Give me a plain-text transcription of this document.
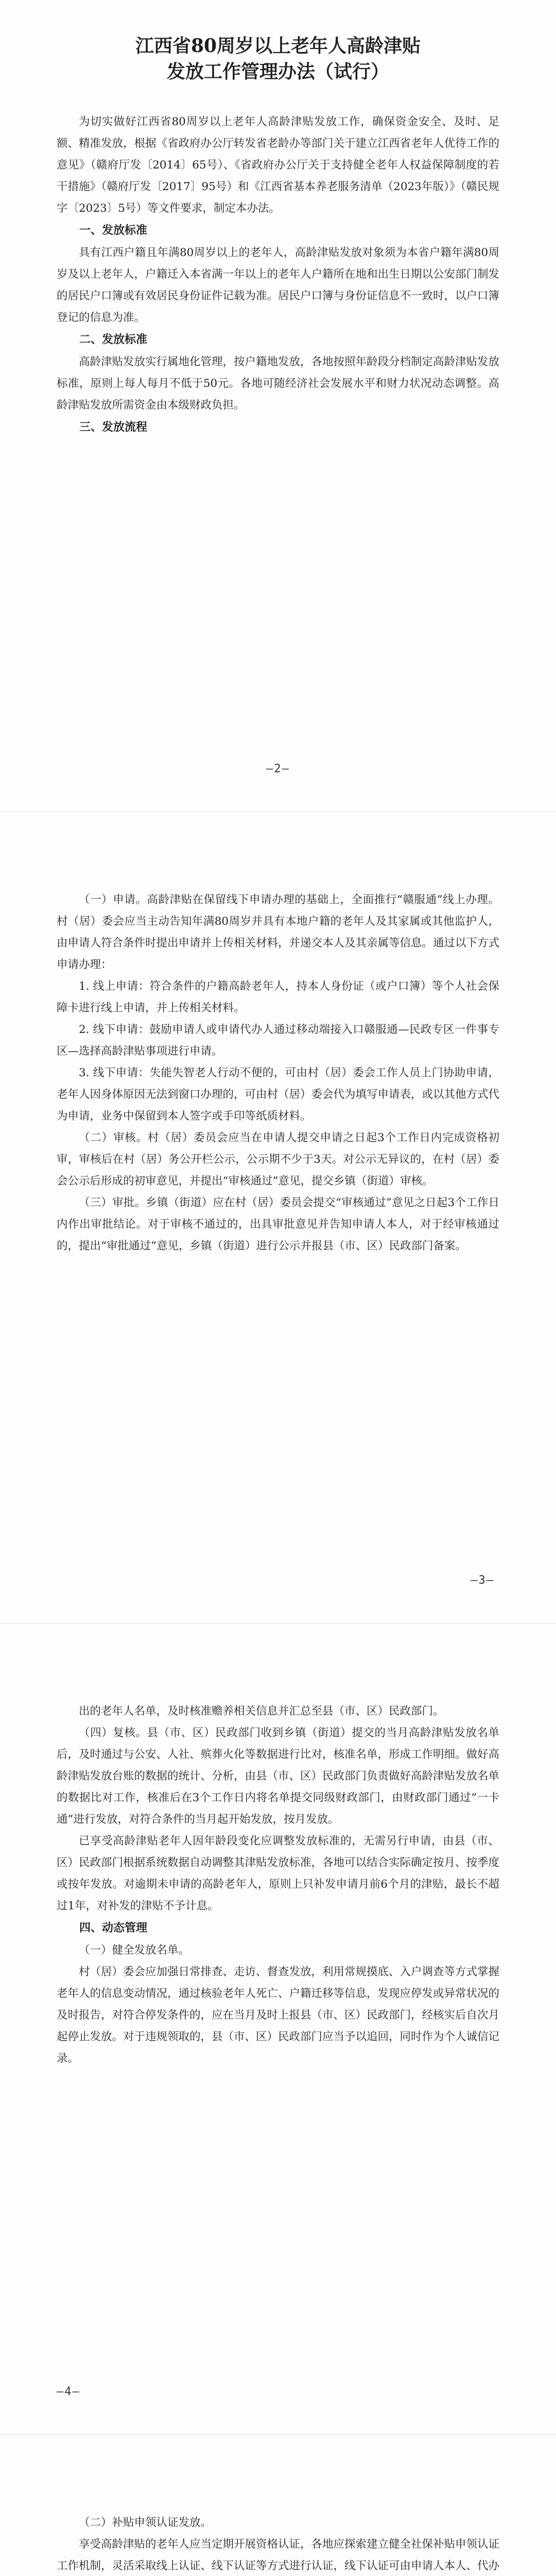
江西省80周岁以上老年人高龄津贴
发放工作管理办法（试行）

为切实做好江西省80周岁以上老年人高龄津贴发放工作，确保资金安全、及时、足额、精准发放，根据《省政府办公厅转发省老龄办等部门关于建立江西省老年人优待工作的意见》（赣府厅发〔2014〕65号）、《省政府办公厅关于支持健全老年人权益保障制度的若干措施》（赣府厅发〔2017〕95号）和《江西省基本养老服务清单（2023年版）》（赣民规字〔2023〕5号）等文件要求，制定本办法。

一、发放标准

具有江西户籍且年满80周岁以上的老年人，高龄津贴发放对象须为本省户籍年满80周岁及以上老年人，户籍迁入本省满一年以上的老年人户籍所在地和出生日期以公安部门制发的居民户口簿或有效居民身份证件记载为准。居民户口簿与身份证信息不一致时，以户口簿登记的信息为准。

二、发放标准

高龄津贴发放实行属地化管理，按户籍地发放，各地按照年龄段分档制定高龄津贴发放标准，原则上每人每月不低于50元。各地可随经济社会发展水平和财力状况动态调整。高龄津贴发放所需资金由本级财政负担。

三、发放流程

—2—

（一）申请。高龄津贴在保留线下申请办理的基础上，全面推行“赣服通”线上办理。村（居）委会应当主动告知年满80周岁并具有本地户籍的老年人及其家属或其他监护人，由申请人符合条件时提出申请并上传相关材料，并递交本人及其亲属等信息。通过以下方式申请办理：

1. 线上申请：符合条件的户籍高龄老年人，持本人身份证（或户口簿）等个人社会保障卡进行线上申请，并上传相关材料。

2. 线下申请：鼓励申请人或申请代办人通过移动端接入口赣服通—民政专区一件事专区—选择高龄津贴事项进行申请。

3. 线下申请：失能失智老人行动不便的，可由村（居）委会工作人员上门协助申请，老年人因身体原因无法到窗口办理的，可由村（居）委会代为填写申请表，或以其他方式代为申请，业务中保留到本人签字或手印等纸质材料。

（二）审核。村（居）委员会应当在申请人提交申请之日起3个工作日内完成资格初审，审核后在村（居）务公开栏公示，公示期不少于3天。对公示无异议的，在村（居）委会公示后形成的初审意见，并提出“审核通过”意见，提交乡镇（街道）审核。

（三）审批。乡镇（街道）应在村（居）委员会提交“审核通过”意见之日起3个工作日内作出审批结论。对于审核不通过的，出具审批意见并告知申请人本人，对于经审核通过的，提出“审批通过”意见，乡镇（街道）进行公示并报县（市、区）民政部门备案。

—3—

出的老年人名单，及时核准赡养相关信息并汇总至县（市、区）民政部门。

（四）复核。县（市、区）民政部门收到乡镇（街道）提交的当月高龄津贴发放名单后，及时通过与公安、人社、殡葬火化等数据进行比对，核准名单，形成工作明细。做好高龄津贴发放台账的数据的统计、分析，由县（市、区）民政部门负责做好高龄津贴发放名单的数据比对工作，核准后在3个工作日内将名单提交同级财政部门，由财政部门通过“一卡通”进行发放，对符合条件的当月起开始发放，按月发放。

已享受高龄津贴老年人因年龄段变化应调整发放标准的，无需另行申请，由县（市、区）民政部门根据系统数据自动调整其津贴发放标准，各地可以结合实际确定按月、按季度或按年发放。对逾期未申请的高龄老年人，原则上只补发申请月前6个月的津贴，最长不超过1年，对补发的津贴不予计息。

四、动态管理

（一）健全发放名单。

村（居）委会应加强日常排查、走访、督查发放，利用常规摸底、入户调查等方式掌握老年人的信息变动情况，通过核验老年人死亡、户籍迁移等信息，发现应停发或异常状况的及时报告，对符合停发条件的，应在当月及时上报县（市、区）民政部门，经核实后自次月起停止发放。对于违规领取的，县（市、区）民政部门应当予以追回，同时作为个人诚信记录。

—4—

（二）补贴申领认证发放。

享受高龄津贴的老年人应当定期开展资格认证，各地应探索建立健全社保补贴申领认证工作机制，灵活采取线上认证、线下认证等方式进行认证，线下认证可由申请人本人、代办
